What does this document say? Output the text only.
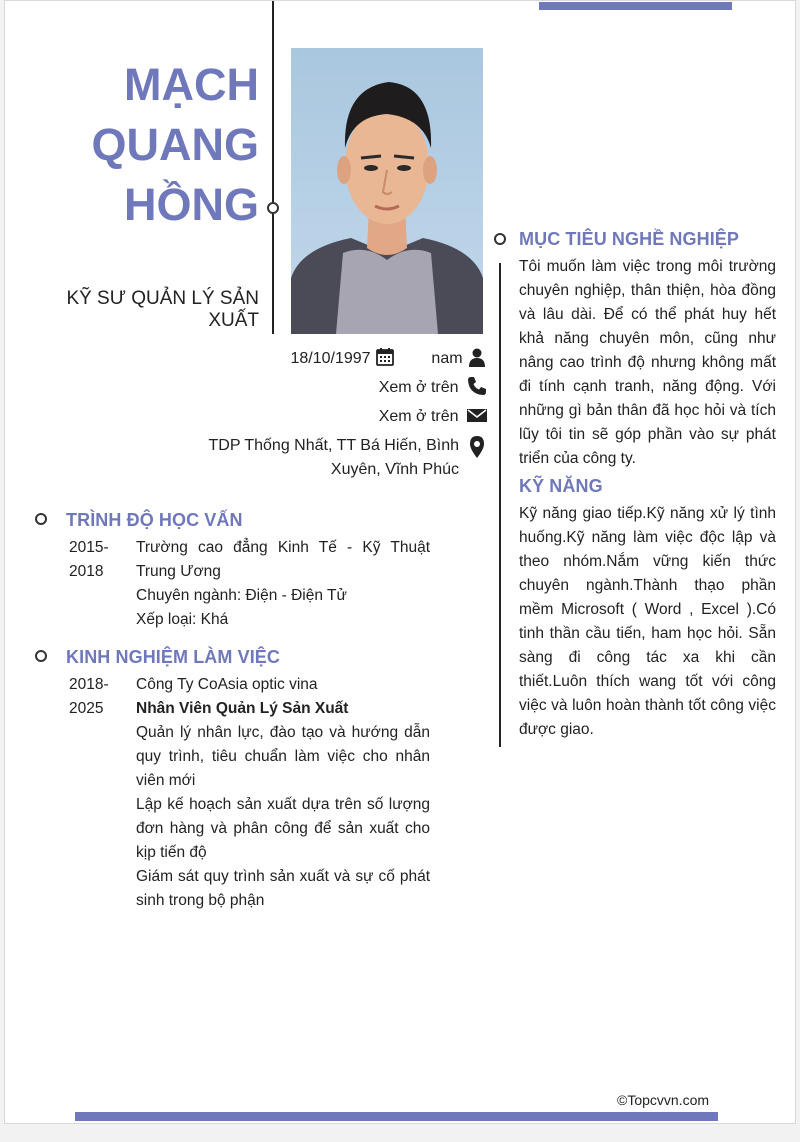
MẠCH
QUANG
HỒNG
KỸ SƯ QUẢN LÝ SẢN XUẤT
18/10/1997	nam
Xem ở trên
Xem ở trên
TDP Thống Nhất, TT Bá Hiến, Bình Xuyên, Vĩnh Phúc
TRÌNH ĐỘ HỌC VẤN
2015-
2018
Trường cao đẳng Kinh Tế - Kỹ Thuật Trung Ương
Chuyên ngành: Điện - Điện Tử
Xếp loại: Khá
KINH NGHIỆM LÀM VIỆC
2018-
2025
Công Ty CoAsia optic vina
Nhân Viên Quản Lý Sản Xuất
Quản lý nhân lực, đào tạo và hướng dẫn quy trình, tiêu chuẩn làm việc cho nhân viên mới
Lập kế hoạch sản xuất dựa trên số lượng đơn hàng và phân công để sản xuất cho kịp tiến độ
Giám sát quy trình sản xuất và sự cố phát sinh trong bộ phận
MỤC TIÊU NGHỀ NGHIỆP
Tôi muốn làm việc trong môi trường chuyên nghiệp, thân thiện, hòa đồng và lâu dài. Để có thể phát huy hết khả năng chuyên môn, cũng như nâng cao trình độ nhưng không mất đi tính cạnh tranh, năng động. Với những gì bản thân đã học hỏi và tích lũy tôi tin sẽ góp phần vào sự phát triển của công ty.
KỸ NĂNG
Kỹ năng giao tiếp.Kỹ năng xử lý tình huống.Kỹ năng làm việc độc lập và theo nhóm.Nắm vững kiến thức chuyên ngành.Thành thạo phần mềm Microsoft ( Word , Excel ).Có tinh thần cầu tiến, ham học hỏi. Sẵn sàng đi công tác xa khi cần thiết.Luôn thích wang tốt với công việc và luôn hoàn thành tốt công việc được giao.
©Topcvvn.com
